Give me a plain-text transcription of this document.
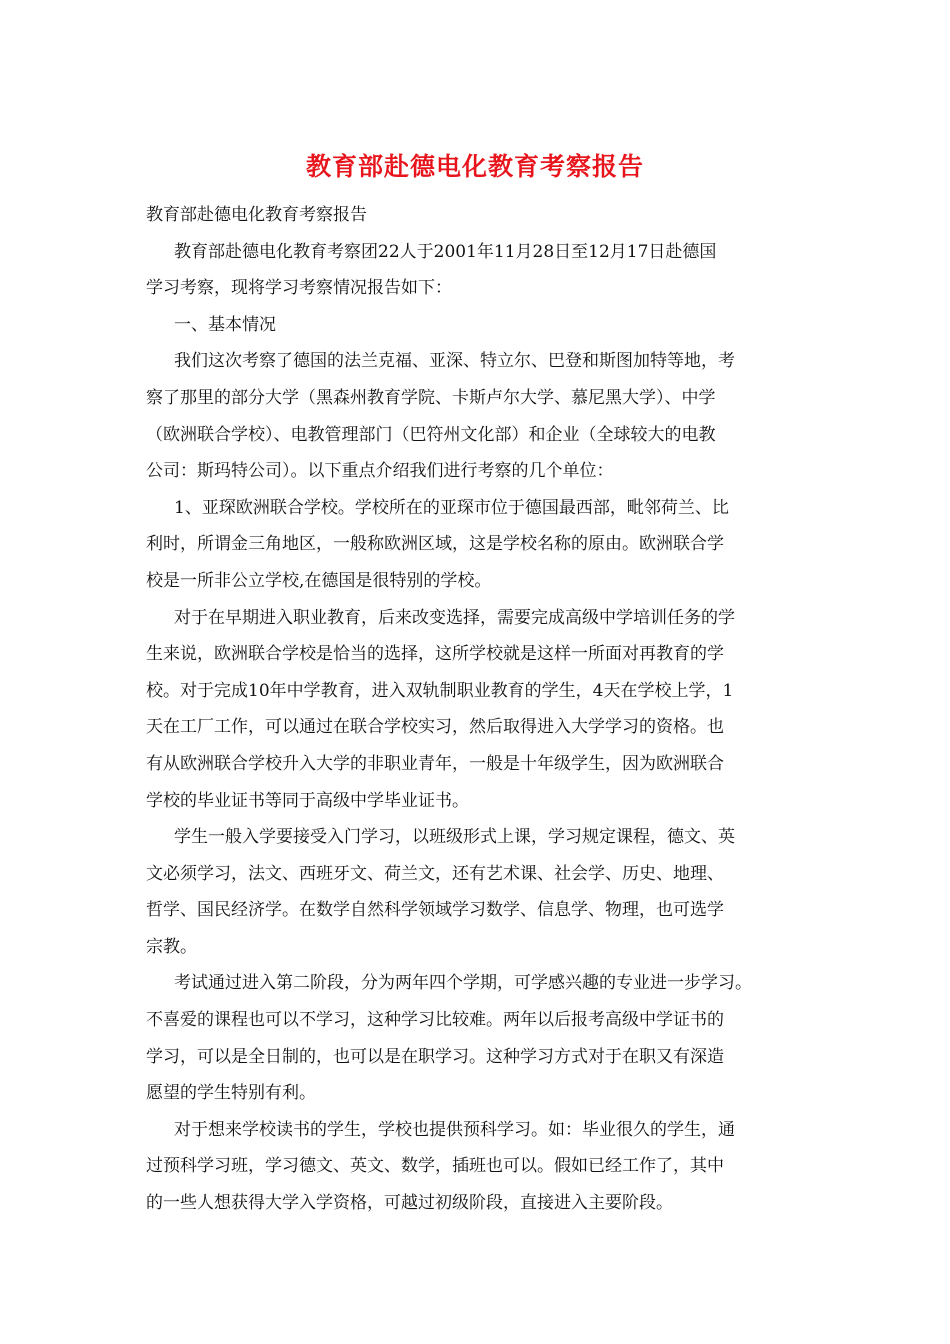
教育部赴德电化教育考察报告
教育部赴德电化教育考察报告
教育部赴德电化教育考察团22人于2001年11月28日至12月17日赴德国
学习考察，现将学习考察情况报告如下：
一、基本情况
我们这次考察了德国的法兰克福、亚深、特立尔、巴登和斯图加特等地，考
察了那里的部分大学（黑森州教育学院、卡斯卢尔大学、慕尼黑大学）、中学
（欧洲联合学校）、电教管理部门（巴符州文化部）和企业（全球较大的电教
公司：斯玛特公司）。以下重点介绍我们进行考察的几个单位：
1、亚琛欧洲联合学校。学校所在的亚琛市位于德国最西部，毗邻荷兰、比
利时，所谓金三角地区，一般称欧洲区域，这是学校名称的原由。欧洲联合学
校是一所非公立学校,在德国是很特别的学校。
对于在早期进入职业教育，后来改变选择，需要完成高级中学培训任务的学
生来说，欧洲联合学校是恰当的选择，这所学校就是这样一所面对再教育的学
校。对于完成10年中学教育，进入双轨制职业教育的学生，4天在学校上学，1
天在工厂工作，可以通过在联合学校实习，然后取得进入大学学习的资格。也
有从欧洲联合学校升入大学的非职业青年，一般是十年级学生，因为欧洲联合
学校的毕业证书等同于高级中学毕业证书。
学生一般入学要接受入门学习，以班级形式上课，学习规定课程，德文、英
文必须学习，法文、西班牙文、荷兰文，还有艺术课、社会学、历史、地理、
哲学、国民经济学。在数学自然科学领域学习数学、信息学、物理，也可选学
宗教。
考试通过进入第二阶段，分为两年四个学期，可学感兴趣的专业进一步学习。
不喜爱的课程也可以不学习，这种学习比较难。两年以后报考高级中学证书的
学习，可以是全日制的，也可以是在职学习。这种学习方式对于在职又有深造
愿望的学生特别有利。
对于想来学校读书的学生，学校也提供预科学习。如：毕业很久的学生，通
过预科学习班，学习德文、英文、数学，插班也可以。假如已经工作了，其中
的一些人想获得大学入学资格，可越过初级阶段，直接进入主要阶段。
